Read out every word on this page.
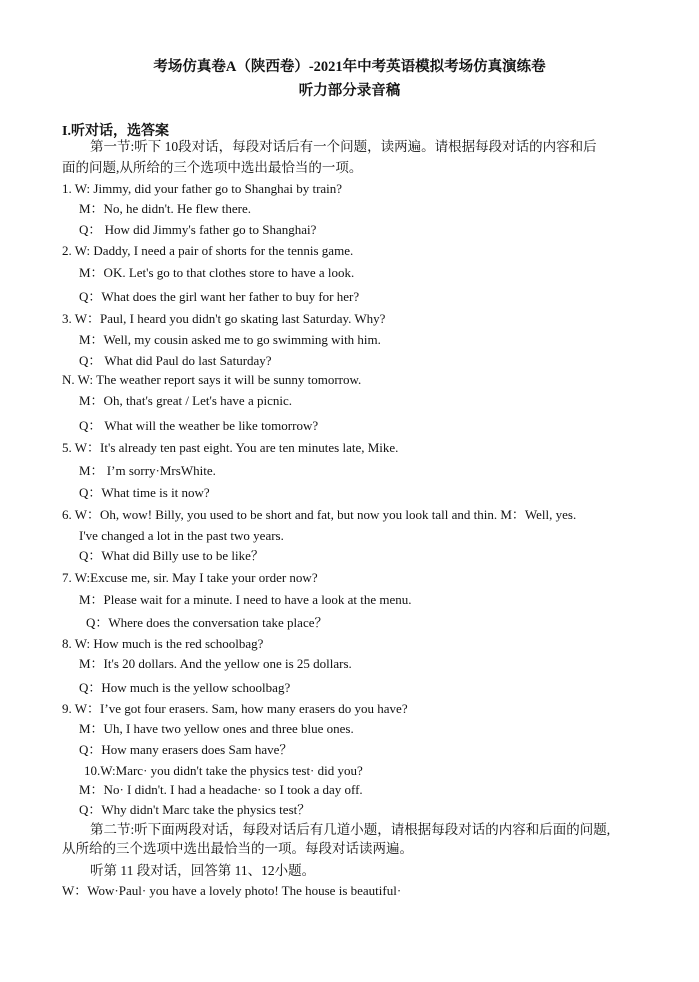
考场仿真卷A（陕西卷）-2021年中考英语模拟考场仿真演练卷
听力部分录音稿
I.听对话，选答案
第一节:听下 10段对话，每段对话后有一个问题，读两遍。请根据每段对话的内容和后
面的问题,从所给的三个选项中选出最恰当的一项。
1. W: Jimmy, did your father go to Shanghai by train?
M：No, he didn't. He flew there.
Q： How did Jimmy's father go to Shanghai?
2. W: Daddy, I need a pair of shorts for the tennis game.
M：OK. Let's go to that clothes store to have a look.
Q：What does the girl want her father to buy for her?
3. W：Paul, I heard you didn't go skating last Saturday. Why?
M：Well, my cousin asked me to go swimming with him.
Q： What did Paul do last Saturday?
N. W: The weather report says it will be sunny tomorrow.
M：Oh, that's great / Let's have a picnic.
Q： What will the weather be like tomorrow?
5. W：It's already ten past eight. You are ten minutes late, Mike.
M： I’m sorry·MrsWhite.
Q：What time is it now?
6. W：Oh, wow! Billy, you used to be short and fat, but now you look tall and thin. M：Well, yes.
I've changed a lot in the past two years.
Q：What did Billy use to be like？
7. W:Excuse me, sir. May I take your order now?
M：Please wait for a minute. I need to have a look at the menu.
Q：Where does the conversation take place？
8. W: How much is the red schoolbag?
M：It's 20 dollars. And the yellow one is 25 dollars.
Q：How much is the yellow schoolbag?
9. W：I’ve got four erasers. Sam, how many erasers do you have?
M：Uh, I have two yellow ones and three blue ones.
Q：How many erasers does Sam have？
10.W:Marc· you didn't take the physics test· did you?
M：No· I didn't. I had a headache· so I took a day off.
Q：Why didn't Marc take the physics test？
第二节:听下面两段对话，每段对话后有几道小题，请根据每段对话的内容和后面的问题,
从所给的三个选项中选出最恰当的一项。每段对话读两遍。
听第 11 段对话，回答第 11、12小题。
W：Wow·Paul· you have a lovely photo! The house is beautiful·
